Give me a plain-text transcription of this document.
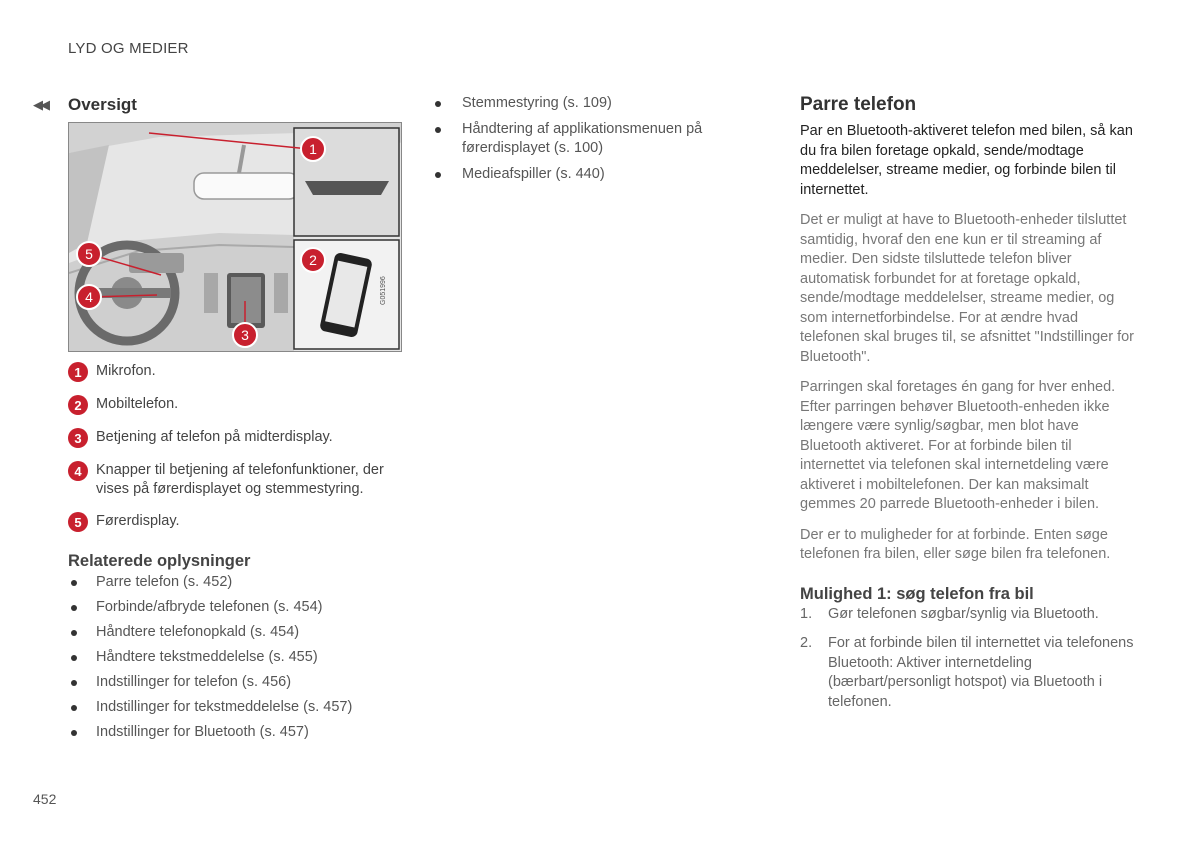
LYD OG MEDIER
◀◀	Oversigt
1
2
3
4
5
G051996
1 Mikrofon.
2 Mobiltelefon.
3 Betjening af telefon på midterdisplay.
4 Knapper til betjening af telefonfunktioner, der vises på førerdisplayet og stemmestyring.
5 Førerdisplay.
Relaterede oplysninger
Parre telefon (s. 452)
Forbinde/afbryde telefonen (s. 454)
Håndtere telefonopkald (s. 454)
Håndtere tekstmeddelelse (s. 455)
Indstillinger for telefon (s. 456)
Indstillinger for tekstmeddelelse (s. 457)
Indstillinger for Bluetooth (s. 457)
Stemmestyring (s. 109)
Håndtering af applikationsmenuen på førerdisplayet (s. 100)
Medieafspiller (s. 440)
Parre telefon

Par en Bluetooth-aktiveret telefon med bilen, så kan du fra bilen foretage opkald, sende/modtage meddelelser, streame medier, og forbinde bilen til internettet.

Det er muligt at have to Bluetooth-enheder tilsluttet samtidig, hvoraf den ene kun er til streaming af medier. Den sidste tilsluttede telefon bliver automatisk forbundet for at foretage opkald, sende/modtage meddelelser, streame medier, og som internetforbindelse. For at ændre hvad telefonen skal bruges til, se afsnittet "Indstillinger for Bluetooth".

Parringen skal foretages én gang for hver enhed. Efter parringen behøver Bluetooth-enheden ikke længere være synlig/søgbar, men blot have Bluetooth aktiveret. For at forbinde bilen til internettet via telefonen skal internetdeling være aktiveret i mobiltelefonen. Der kan maksimalt gemmes 20 parrede Bluetooth-enheder i bilen.

Der er to muligheder for at forbinde. Enten søge telefonen fra bilen, eller søge bilen fra telefonen.

Mulighed 1: søg telefon fra bil
1.	Gør telefonen søgbar/synlig via Bluetooth.
2.	For at forbinde bilen til internettet via telefonens Bluetooth: Aktiver internetdeling (bærbart/personligt hotspot) via Bluetooth i telefonen.
452
